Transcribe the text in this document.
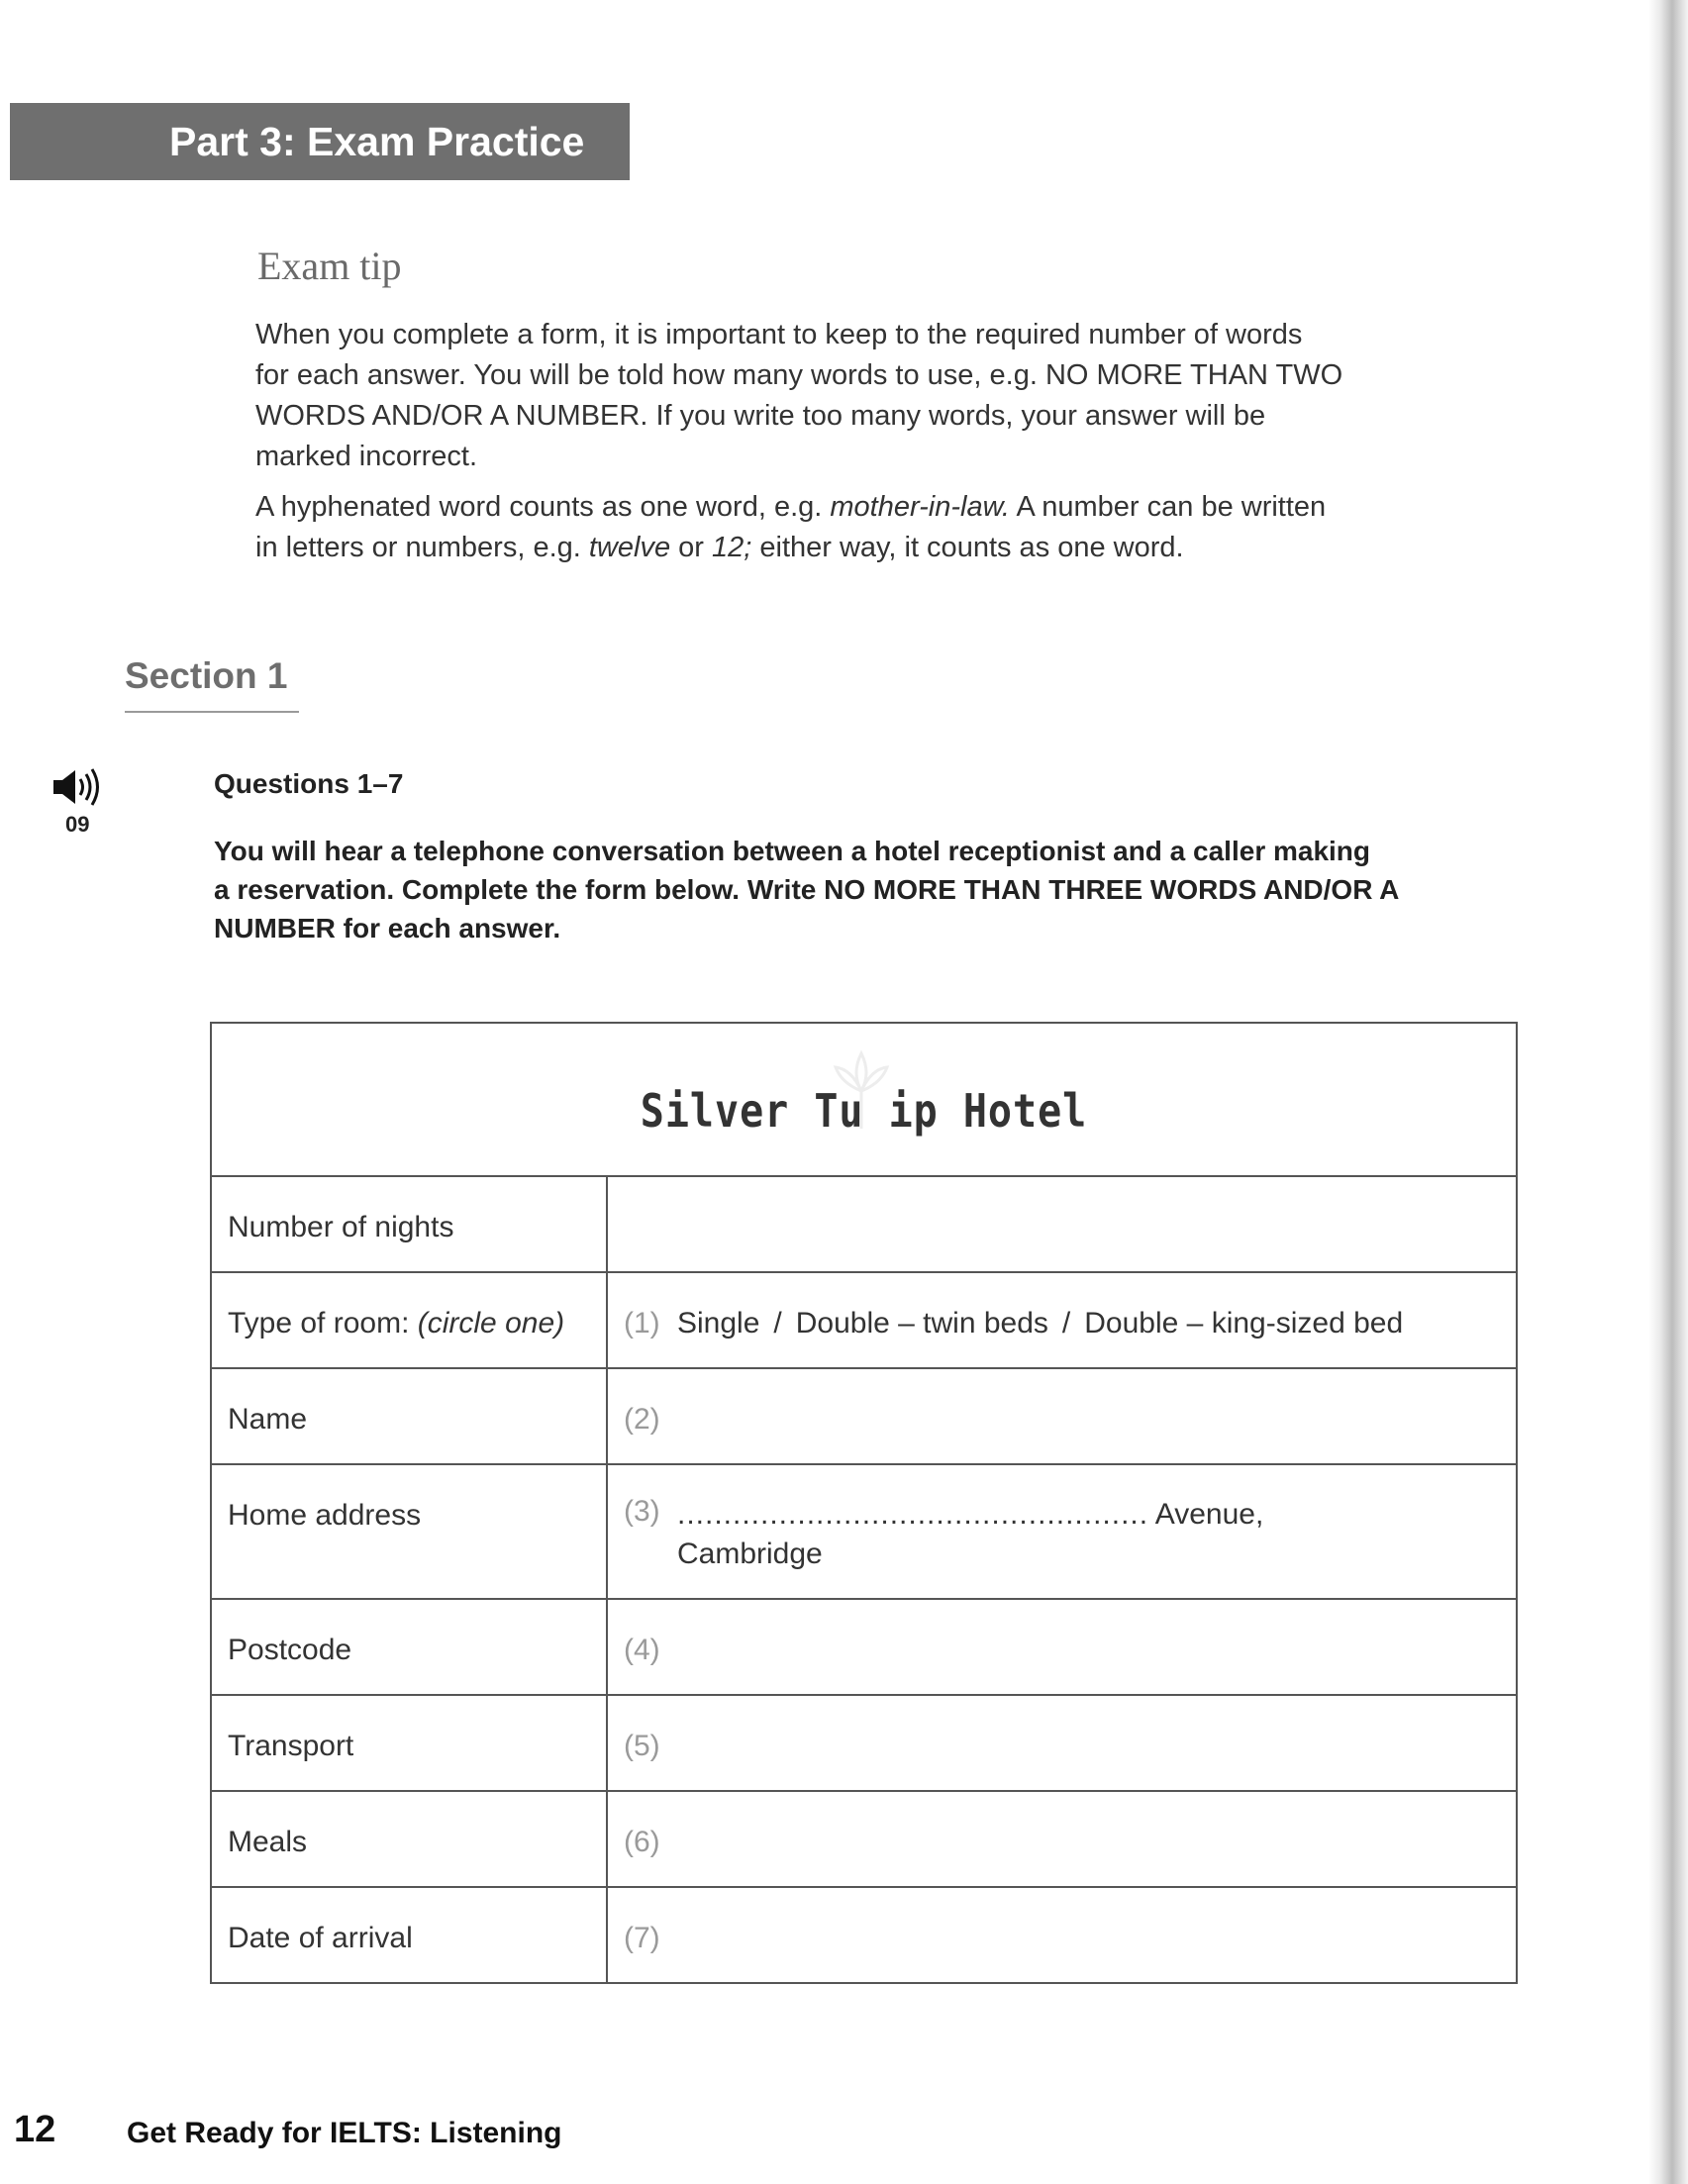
Part 3: Exam Practice
Exam tip

When you complete a form, it is important to keep to the required number of words
for each answer. You will be told how many words to use, e.g. NO MORE THAN TWO
WORDS AND/OR A NUMBER. If you write too many words, your answer will be
marked incorrect.

A hyphenated word counts as one word, e.g. mother-in-law. A number can be written
in letters or numbers, e.g. twelve or 12; either way, it counts as one word.

Section 1
09
Questions 1–7
You will hear a telephone conversation between a hotel receptionist and a caller making
a reservation. Complete the form below. Write NO MORE THAN THREE WORDS AND/OR A
NUMBER for each answer.
Silver Tu ip Hotel
Number of nights
Type of room: (circle one)	(1) Single / Double – twin beds / Double – king-sized bed
Name	(2)
Home address	(3) ................................................... Avenue,
Cambridge
Postcode	(4)
Transport	(5)
Meals	(6)
Date of arrival	(7)
12 Get Ready for IELTS: Listening
